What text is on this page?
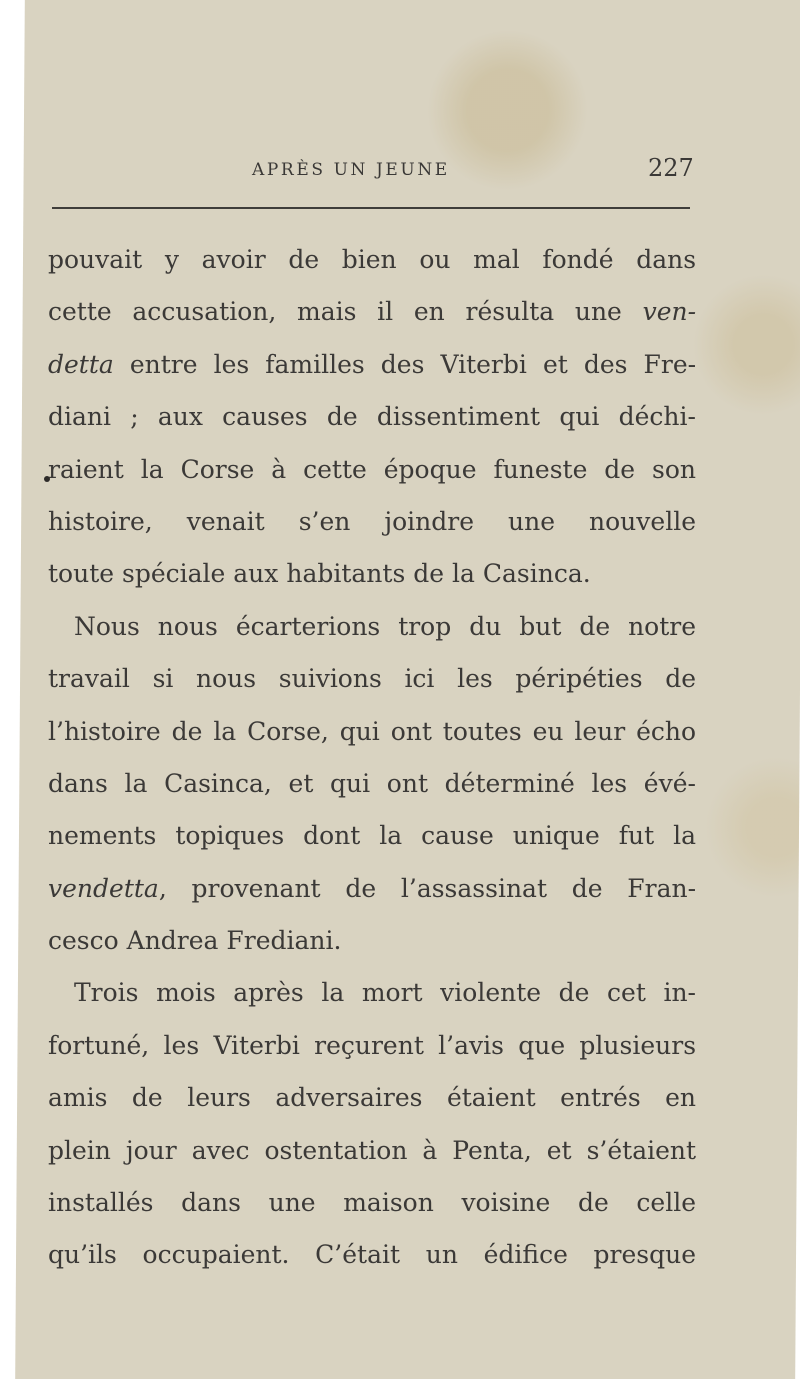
APRÈS UN JEUNE	227
pouvait y avoir de bien ou mal fondé dans
cette accusation, mais il en résulta une ven-
detta entre les familles des Viterbi et des Fre-
diani ; aux causes de dissentiment qui déchi-
raient la Corse à cette époque funeste de son
histoire, venait s’en joindre une nouvelle
toute spéciale aux habitants de la Casinca.
Nous nous écarterions trop du but de notre
travail si nous suivions ici les péripéties de
l’histoire de la Corse, qui ont toutes eu leur écho
dans la Casinca, et qui ont déterminé les évé-
nements topiques dont la cause unique fut la
vendetta, provenant de l’assassinat de Fran-
cesco Andrea Frediani.
Trois mois après la mort violente de cet in-
fortuné, les Viterbi reçurent l’avis que plusieurs
amis de leurs adversaires étaient entrés en
plein jour avec ostentation à Penta, et s’étaient
installés dans une maison voisine de celle
qu’ils occupaient. C’était un édifice presque
